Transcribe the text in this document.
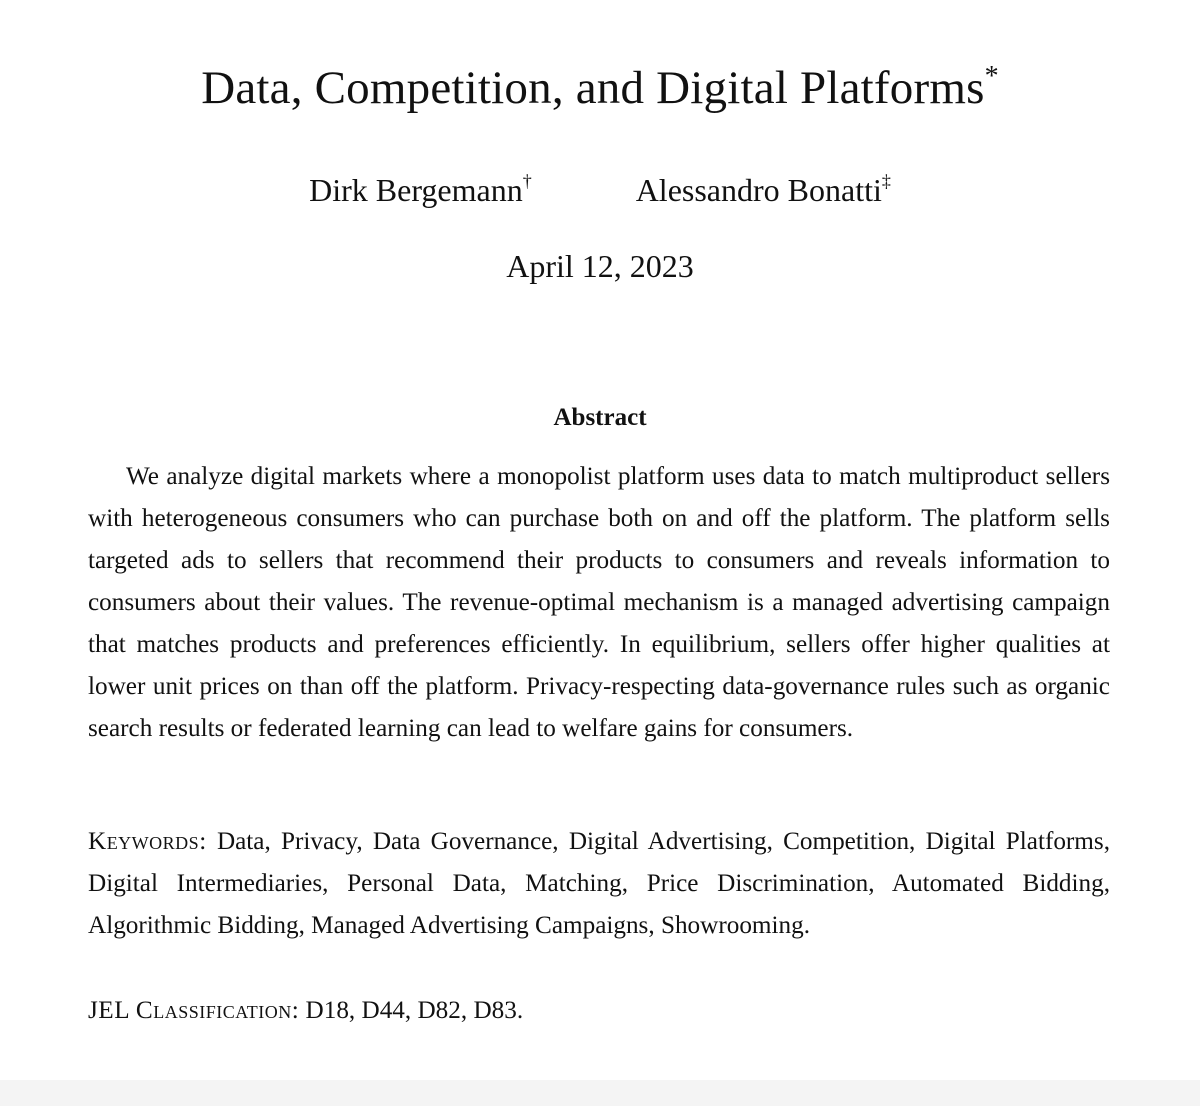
Data, Competition, and Digital Platforms*
Dirk Bergemann†	Alessandro Bonatti‡
April 12, 2023
Abstract

We analyze digital markets where a monopolist platform uses data to match multiproduct sellers with heterogeneous consumers who can purchase both on and off the platform. The platform sells targeted ads to sellers that recommend their products to consumers and reveals information to consumers about their values. The revenue-optimal mechanism is a managed advertising campaign that matches products and preferences efficiently. In equilibrium, sellers offer higher qualities at lower unit prices on than off the platform. Privacy-respecting data-governance rules such as organic search results or federated learning can lead to welfare gains for consumers.

Keywords: Data, Privacy, Data Governance, Digital Advertising, Competition, Digital Platforms, Digital Intermediaries, Personal Data, Matching, Price Discrimination, Automated Bidding, Algorithmic Bidding, Managed Advertising Campaigns, Showrooming.

JEL Classification: D18, D44, D82, D83.
